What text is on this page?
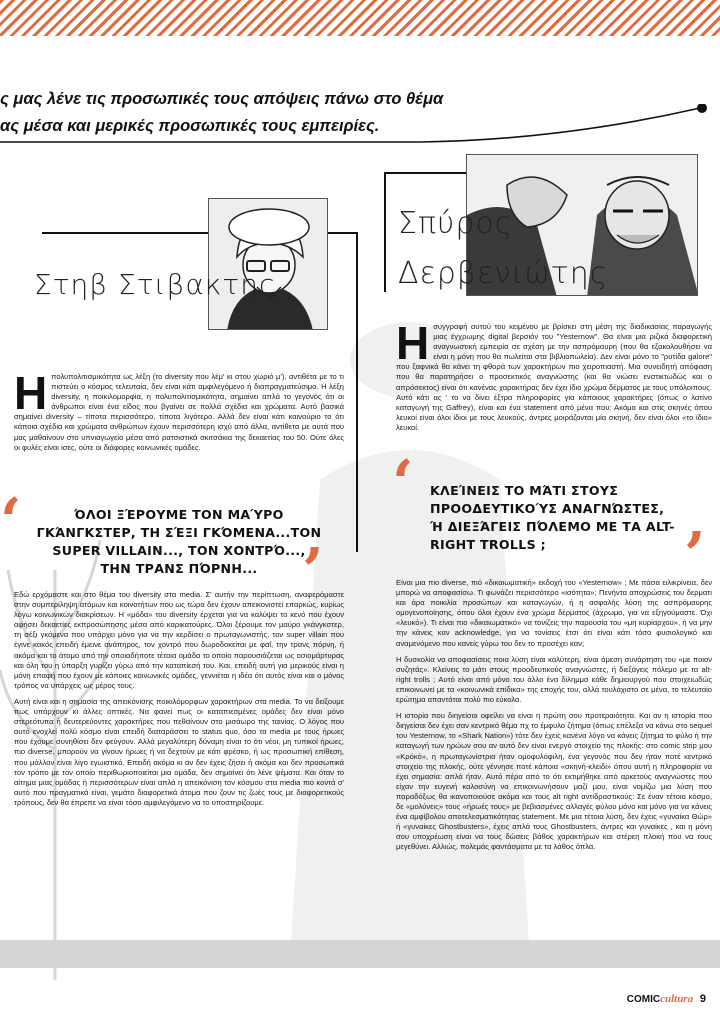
ς μας λένε τις προσωπικές τους απόψεις πάνω στο θέμα
ας μέσα και μερικές προσωπικές τους εμπειρίες.
Στηβ Στιβακτης
Η πολυπολιτισμικότητα ως λέξη (το diversity που λέμ' κι στου χωριό μ'), αντιθέτα με το τι πιστεύει ο κόσμος τελευταία, δεν είναι κάτι αμφιλεγόμενο ή διαπραγματεύσιμο. Η λέξη diversity, η ποικιλομορφία, η πολυπολιτισμικότητα, σημαίνει απλά το γεγονός ότι οι άνθρωποι είναι ένα είδος που βγαίνει σε πολλά σχέδια και χρώματα. Αυτό βασικά σημαίνει diversity – τίποτα περισσότερο, τίποτα λιγότερο. Αλλά δεν είναι κάτι καινούριο το ότι κάποια σχέδια και χρώματα ανθρώπων έχουν περισσότερη ισχύ από άλλα, αντίθετα με αυτά που μας μαθαίνουν στο υπνιαγωγείο μέσα από ρατσιστικά σκιτσάκια της δεκαετίας του 50. Ούτε όλες οι φυλές είναι ίσες, ούτε οι διάφορες κοινωνικές ομάδες.
‘	ΌΛΟΙ ΞΈΡΟΥΜΕ ΤΟΝ ΜΑΎΡΟ ΓΚΆΝΓΚΣΤΕΡ, ΤΗ ΣΈΞΙ ΓΚΌΜΕΝΑ...ΤΟΝ SUPER VILLAIN..., ΤΟΝ ΧΟΝΤΡΌ..., ΤΗΝ ΤΡΑΝΣ ΠΌΡΝΗ... ’

Εδώ ερχόμαστε και στο θέμα του diversity στα media. Σ' αυτήν την περίπτωση, αναφερόμαστε στην συμπερίληψη ατόμων και κοινοτήτων που ως τώρα δεν έχουν απεικονιστεί επαρκώς, κυρίως λόγω κοινωνικών διακρίσεων. Η «μόδα» του diversity έρχεται για να καλύψει το κενό που έχουν αφήσει δεκαετίες εκπροσώπησης μέσα από καρικατούρες. Όλοι ξέρουμε τον μαύρο γκάνγκστερ, τη σέξι γκόμενα που υπάρχει μόνο για να την κερδίσει ο πρωταγωνιστής, τον super villain που έγινε κακός επειδή έμεινε ανάπηρος, τον χοντρό που δωροδοκείται με φαΐ, την τρανς πόρνη, ή ακόμα και το άτομο από την οποιαδήποτε τέτοια ομάδα το οποίο παρουσιάζεται ως οσιομάρτυρας και όλη του η ύπαρξη γυρίζει γύρω από την καταπίεσή του. Και, επειδή αυτή για μερικούς είναι η μόνη επαφή που έχουν με κάποιες κοινωνικές ομάδες, γεννιέται η ιδέα ότι αυτός είναι και ο μόνος τρόπος να υπάρχεις ως μέρος τους.

Αυτή είναι και η σημασία της απεικόνισης ποικιλόμορφων χαρακτήρων στα media. Το να δείξουμε πως υπάρχουν κι άλλες οπτικές. Να φανεί πως οι καταπιεσμένες ομάδες δεν είναι μόνο στερεότυπα ή δευτερεύοντες χαρακτήρες που πεθαίνουν στο μισάωρο της ταινίας. Ο λόγος που αυτό ενοχλεί πολύ κόσμο είναι επειδή διαταράσσει το status quo, όσο τα media με τους ήρωες που έχουμε συνηθίσει δεν φεύγουν. Αλλά μεγαλύτερη δύναμη είναι το ότι νέοι, μη τυπικοί ήρωες, πιο diverse, μπορούν να γίνουν ήρωες ή να δεχτούν με κάτι φρέσκο, ή ως προσωπική επίθεση, που μάλλον είναι λίγο εγωιστικό. Επειδή ακόμα κι αν δεν έχεις ζήσει ή ακόμα και δεν προσωπικά τον τρόπο με τον οποίο περιθωριοποιείται μια ομάδα, δεν σημαίνει ότι λένε ψέματα. Και όταν το αίτημα μιας ομάδας ή περισσότερων είναι απλά η απεικόνιση τον κόσμου στα media πιο κοντά σ' αυτό που πραγματικά είναι, γεμάτο διαφορετικά άτομα που ζουν τις ζωές τους με διαφορετικούς τρόπους, δεν θα έπρεπε να είναι τόσο αμφιλεγόμενο να το υποστηρίζουμε.

Σπύρος
Δερβενιώτης
Η συγγραφή αυτού του κειμένου με βρίσκει στη μέση της διαδικασίας παραγωγής μιας έγχρωμης digital βερσιόν του "Yesternow". Θα είναι μια ριζικά διαφορετική αναγνωστική εμπειρία σε σχέση με την ασπρόμαυρη (που θα εξακολουθήσει να είναι η μόνη που θα πωλείται στα βιβλιοπωλεία). Δεν είναι μόνο το "ρυτίδα galore" που ξαφνικά θα κάνει τη φθορά των χαρακτήρων πιο χειροπιαστή. Μια συνειδητή απόφαση που θα παρατηρήσει ο προσεκτικός αναγνώστης (και θα νιώσει ενστικτωδώς και ο απρόσεκτος) είναι ότι κανένας χαρακτήρας δεν έχει ίδιο χρώμα δέρματος με τους υπόλοιπους. Αυτό κάτι ας ' το να δίνει έξτρα πληροφορίες για κάποιους χαρακτήρες (όπως ο λατίνο καταγωγή της Gaffrey), είναι και ένα statement από μένα που: Ακόμα και στις σκηνές όπου λευκοί είναι όλοι ίδιοι με τους λευκούς, άντρες μοιράζονται μία σκηνή, δεν είναι όλοι «το ίδιο» λευκοί.
‘ ΚΛΕΊΝΕΙΣ ΤΟ ΜΆΤΙ ΣΤΟΥΣ ΠΡΟΟΔΕΥΤΙΚΟΎΣ ΑΝΑΓΝΏΣΤΕΣ, Ή ΔΙΕΞΆΓΕΙΣ ΠΌΛΕΜΟ ΜΕ ΤΑ ALT-RIGHT TROLLS ;	’

Είναι μια πιο diverse, πιό «δικαιωματική» εκδοχή του «Yesternow» ; Με πάσα ειλικρίνεια, δεν μπορώ να αποφασίσω. Τι φωνάζει περισσότερο «ισότητα»; Πενήντα αποχρώσεις του δερματι και άρα ποικιλία προσώπων και καταγωγών, ή η ασφαλής λύση της ασπρόμαυρης ομογενοποίησης, όπου όλοι έχουν ένα χρώμα δέρματος (άχρωμο, για να εξηγούμαστε. Όχι «λευκό»). Τι είναι πιο «δικαιωματικό» να τονίζεις την παρουσία του «μη κυρίαρχου», ή να μην την κάνεις καν acknowledge, για να τονίσεις έτσι ότι είναι κάτι τόσο φυσιολογικό και αναμενόμενο που κανείς γύρω του δεν το προσέχει καν;

Η δυσκολία να αποφασίσεις ποια λύση είναι καλύτερη, είναι άμεση συνάρτηση του «με ποιον συζητάς». Κλείνεις το μάτι στους προοδευτικούς αναγνώστες, ή διεξάγεις πόλεμο με τα alt-right trolls ; Αυτό είναι από μόνο του άλλο ένα δίλημμα κάθε δημιουργού που στοιχειωδώς επικοινωνεί με τα «κοινωνικά επίδικα» της εποχής του, αλλά τουλάχιστο σε μένα, το τελευταίο ερώτημα απαντάται πολύ πιο εύκολα.

Η ιστορία που διηγείσαι οφείλει να είναι η πρώτη σου προτεραιότητα. Και αν η ιστορία που διηγείσαι δεν έχει σαν κεντρικό θέμα πχ το έμφυλο ζήτημα (όπως επέλεξα να κάνω στο sequel του Yesternow, το «Shark Nation») τότε δεν έχεις κανένα λόγο να κάνεις ζήτημα το φύλο ή την καταγωγή των ηρώων σου αν αυτό δεν είναι ενεργό στοιχείο της πλοκής: στο comic strip μου «Κρόκό», η πρωταγωνίστρια ήταν ομοφυλόφιλη, ένα γεγονός που δεν ήταν ποτέ κεντρικό στοιχείο της πλοκής, ούτε γέννησε ποτέ κάποια «σκηνή-κλειδί» όπου αυτή η πληροφορία να έχει σημασία: απλά ήταν. Αυτό πέρα από το ότι εκτιμήθηκε από αρκετούς αναγνώστες που είχαν την ευγενή καλοσύνη να επικοινωνήσουν μαζί μου, είναι νομίζω μια λύση που παραδόξως θα ικανοποιούσε ακόμα και τους alt right αντιδραστικούς: Σε έναν τέτοιο κόσμο, δε «μολύνεις» τους «ήρωές τους» με βεβιασμένες αλλαγές φύλου μόνο και μόνο για να κάνεις ένα αμφίβολου αποτελεσματικότητας statement. Με μια τέτοια λύση, δεν έχεις «γυναίκα Θώρ» ή «γυναίκες Ghostbusters», έχεις απλά τους Ghostbusters, άντρες και γυναίκες , και η μόνη σου υποχρέωση είναι να τους δώσεις βάθος χαρακτήρων και στέρεη πλοκή που να τους μεγεθύνει. Αλλιώς, πολεμάς φαντάσματα με τα λάθος όπλα.

COMICcultura 9
